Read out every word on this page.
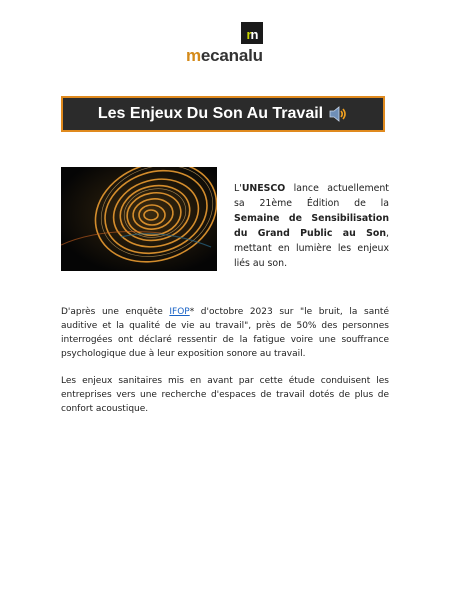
rn
mecanalu
Les Enjeux Du Son Au Travail
L'UNESCO lance actuellement sa 21ème Édition de la Semaine de Sensibilisation du Grand Public au Son, mettant en lumière les enjeux liés au son.
D'après une enquête IFOP* d'octobre 2023 sur "le bruit, la santé auditive et la qualité de vie au travail", près de 50% des personnes interrogées ont déclaré ressentir de la fatigue voire une souffrance psychologique due à leur exposition sonore au travail.
Les enjeux sanitaires mis en avant par cette étude conduisent les entreprises vers une recherche d'espaces de travail dotés de plus de confort acoustique.
